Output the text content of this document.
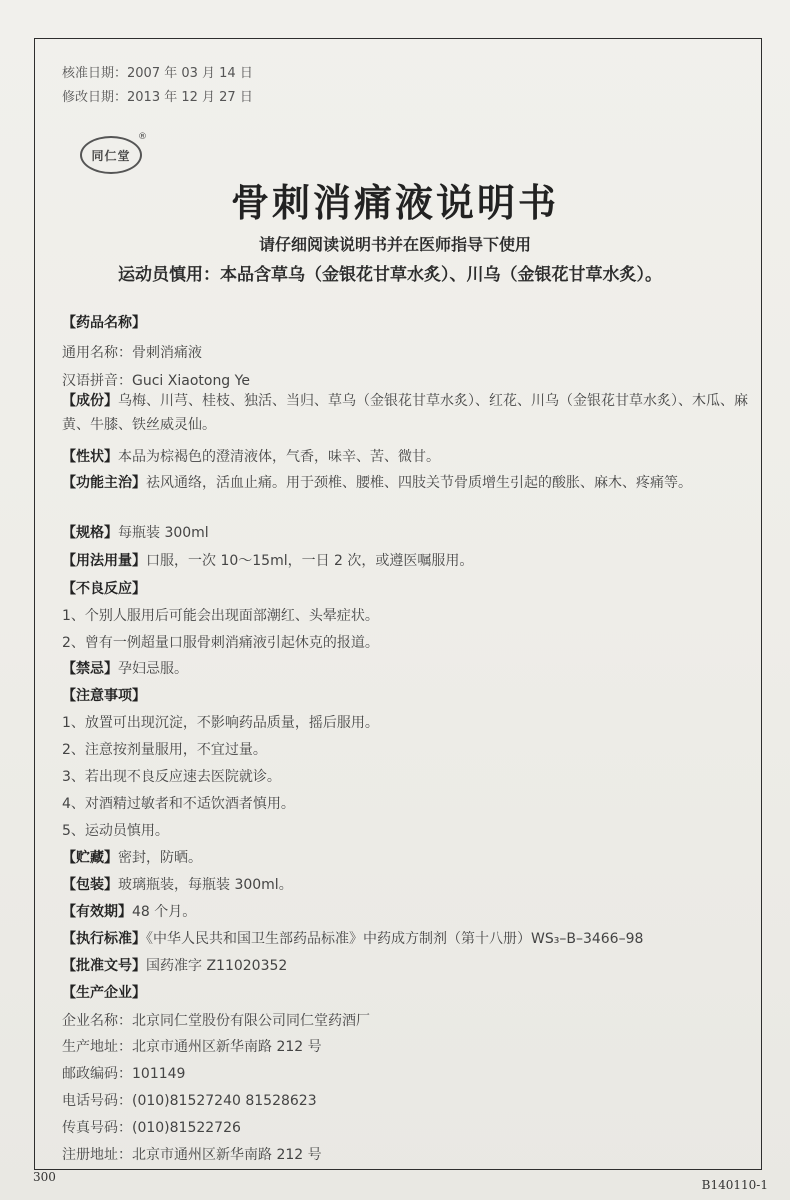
核准日期：2007 年 03 月 14 日
修改日期：2013 年 12 月 27 日
同仁堂
®
骨刺消痛液说明书
请仔细阅读说明书并在医师指导下使用
运动员慎用：本品含草乌（金银花甘草水炙）、川乌（金银花甘草水炙）。
【药品名称】
通用名称：骨刺消痛液
汉语拼音：Guci Xiaotong Ye
【成份】乌梅、川芎、桂枝、独活、当归、草乌（金银花甘草水炙）、红花、川乌（金银花甘草水炙）、木瓜、麻黄、牛膝、铁丝威灵仙。
【性状】本品为棕褐色的澄清液体，气香，味辛、苦、微甘。
【功能主治】祛风通络，活血止痛。用于颈椎、腰椎、四肢关节骨质增生引起的酸胀、麻木、疼痛等。
【规格】每瓶装 300ml
【用法用量】口服，一次 10～15ml，一日 2 次，或遵医嘱服用。
【不良反应】
1、个别人服用后可能会出现面部潮红、头晕症状。
2、曾有一例超量口服骨刺消痛液引起休克的报道。
【禁忌】孕妇忌服。
【注意事项】
1、放置可出现沉淀，不影响药品质量，摇后服用。
2、注意按剂量服用，不宜过量。
3、若出现不良反应速去医院就诊。
4、对酒精过敏者和不适饮酒者慎用。
5、运动员慎用。
【贮藏】密封，防晒。
【包装】玻璃瓶装，每瓶装 300ml。
【有效期】48 个月。
【执行标准】《中华人民共和国卫生部药品标准》中药成方制剂（第十八册）WS₃–B–3466–98
【批准文号】国药准字 Z11020352
【生产企业】
企业名称：北京同仁堂股份有限公司同仁堂药酒厂
生产地址：北京市通州区新华南路 212 号
邮政编码：101149
电话号码：(010)81527240 81528623
传真号码：(010)81522726
注册地址：北京市通州区新华南路 212 号
300
B140110-1
